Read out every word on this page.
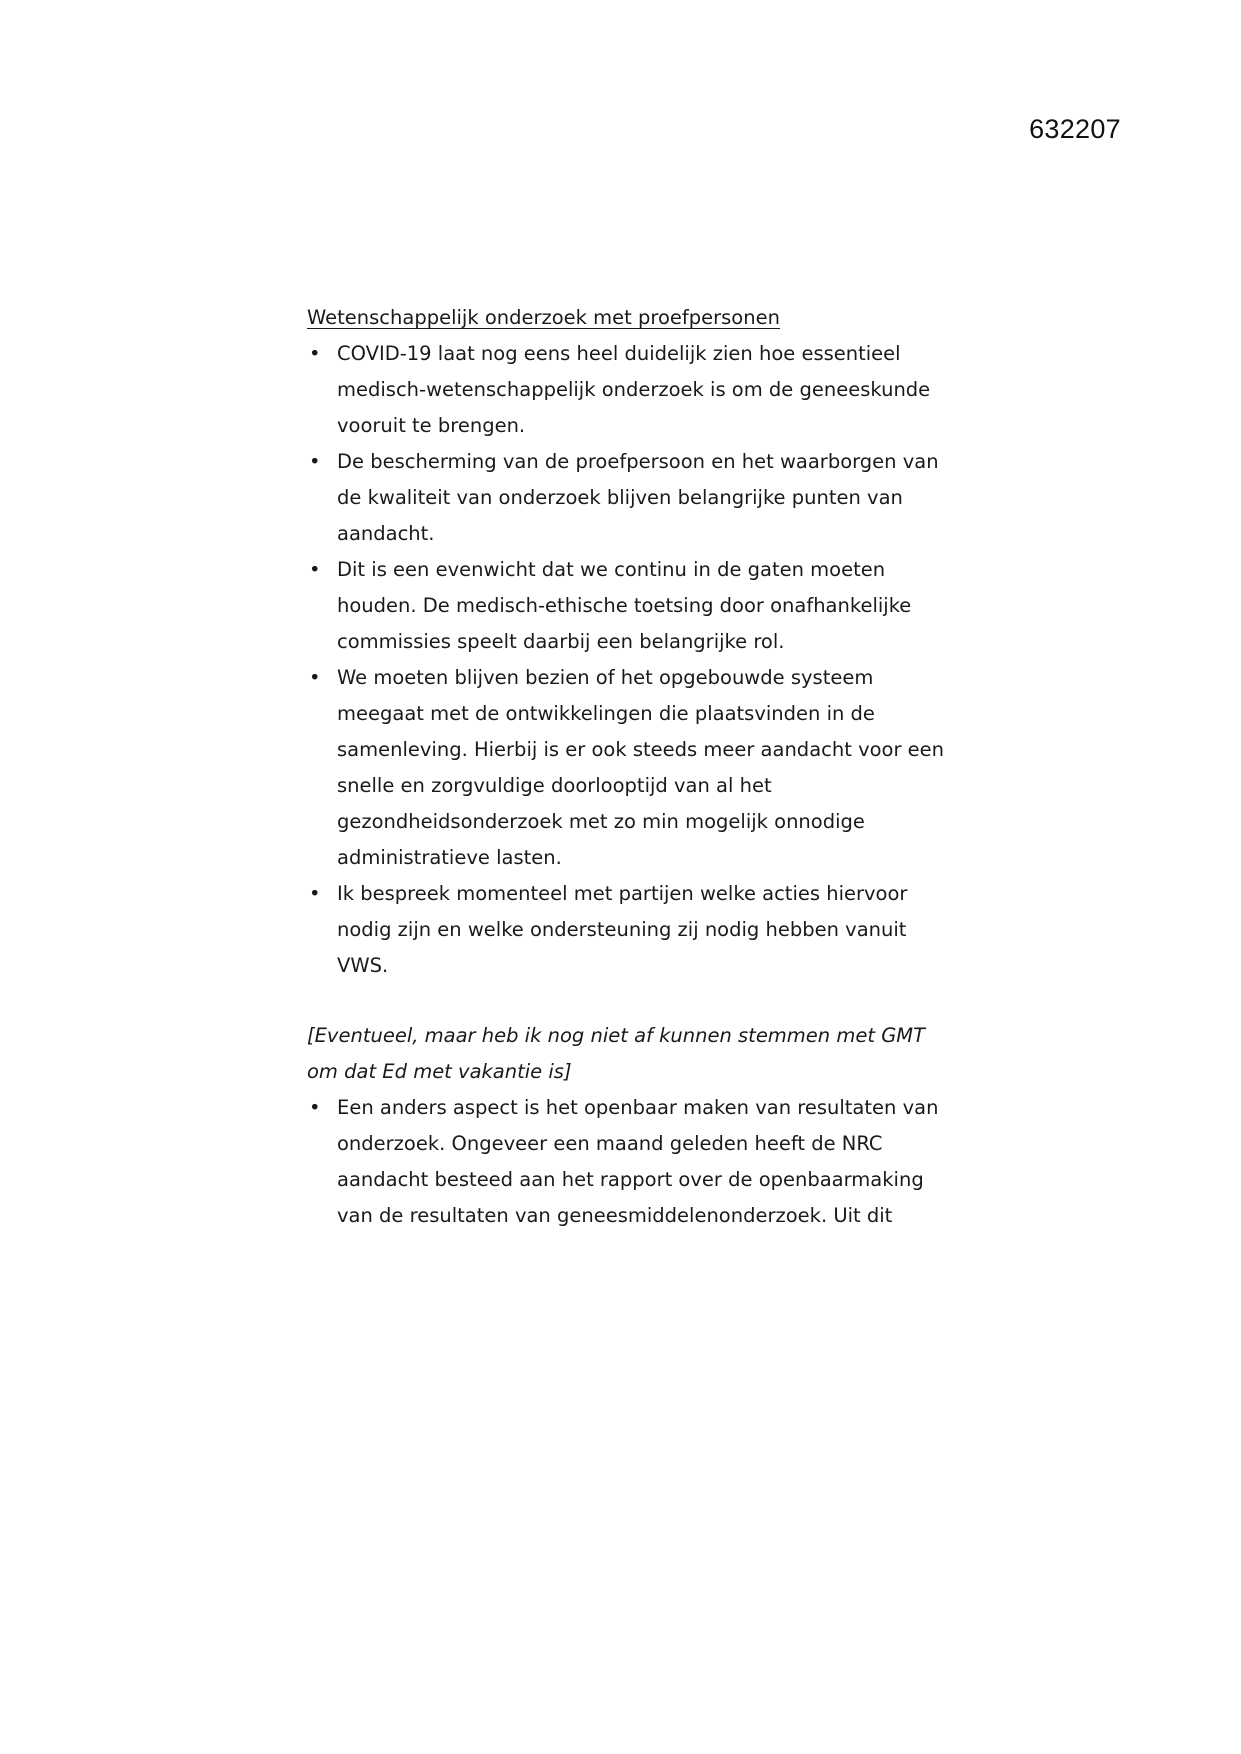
632207

Wetenschappelijk onderzoek met proefpersonen

• COVID-19 laat nog eens heel duidelijk zien hoe essentieel medisch-wetenschappelijk onderzoek is om de geneeskunde vooruit te brengen.
• De bescherming van de proefpersoon en het waarborgen van de kwaliteit van onderzoek blijven belangrijke punten van aandacht.
• Dit is een evenwicht dat we continu in de gaten moeten houden. De medisch-ethische toetsing door onafhankelijke commissies speelt daarbij een belangrijke rol.
• We moeten blijven bezien of het opgebouwde systeem meegaat met de ontwikkelingen die plaatsvinden in de samenleving. Hierbij is er ook steeds meer aandacht voor een snelle en zorgvuldige doorlooptijd van al het gezondheidsonderzoek met zo min mogelijk onnodige administratieve lasten.
• Ik bespreek momenteel met partijen welke acties hiervoor nodig zijn en welke ondersteuning zij nodig hebben vanuit VWS.

[Eventueel, maar heb ik nog niet af kunnen stemmen met GMT om dat Ed met vakantie is]

• Een anders aspect is het openbaar maken van resultaten van onderzoek. Ongeveer een maand geleden heeft de NRC aandacht besteed aan het rapport over de openbaarmaking van de resultaten van geneesmiddelenonderzoek. Uit dit
